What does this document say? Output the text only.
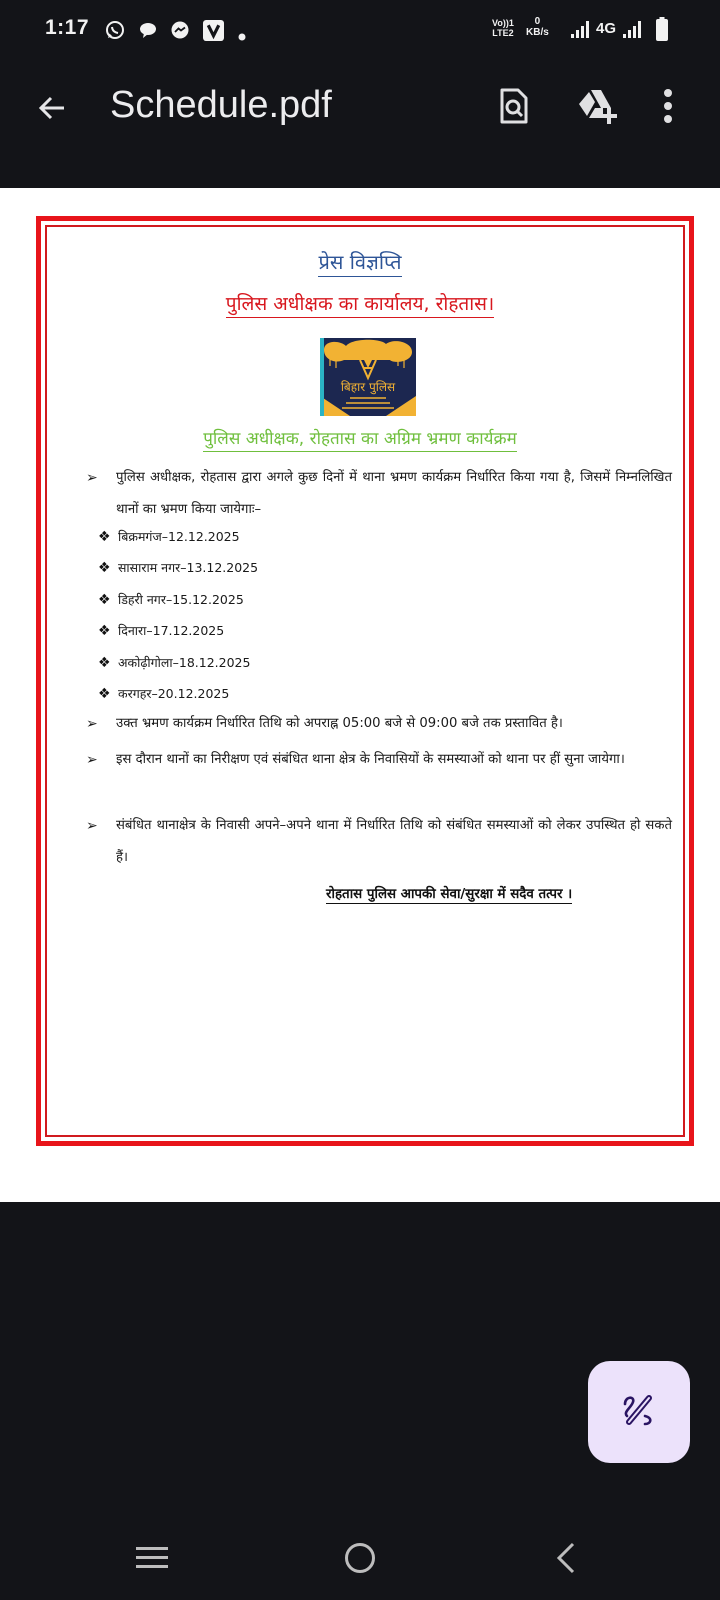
1:17	Vo))1
LTE2
0
KB/s	4G
Schedule.pdf
प्रेस विज्ञप्ति
पुलिस अधीक्षक का कार्यालय, रोहतास।
बिहार पुलिस
पुलिस अधीक्षक, रोहतास का अग्रिम भ्रमण कार्यक्रम
➢	पुलिस अधीक्षक, रोहतास द्वारा अगले कुछ दिनों में थाना भ्रमण कार्यक्रम निर्धारित किया गया है, जिसमें निम्नलिखित थानों का भ्रमण किया जायेगाः–
❖ बिक्रमगंज–12.12.2025
❖ सासाराम नगर–13.12.2025
❖ डिहरी नगर–15.12.2025
❖ दिनारा–17.12.2025
❖ अकोढ़ीगोला–18.12.2025
❖ करगहर–20.12.2025
➢	उक्त भ्रमण कार्यक्रम निर्धारित तिथि को अपराह्न 05:00 बजे से 09:00 बजे तक प्रस्तावित है।
➢	इस दौरान थानों का निरीक्षण एवं संबंधित थाना क्षेत्र के निवासियों के समस्याओं को थाना पर हीं सुना जायेगा।
➢	संबंधित थानाक्षेत्र के निवासी अपने–अपने थाना में निर्धारित तिथि को संबंधित समस्याओं को लेकर उपस्थित हो सकते हैं।
रोहतास पुलिस आपकी सेवा/सुरक्षा में सदैव तत्पर ।
